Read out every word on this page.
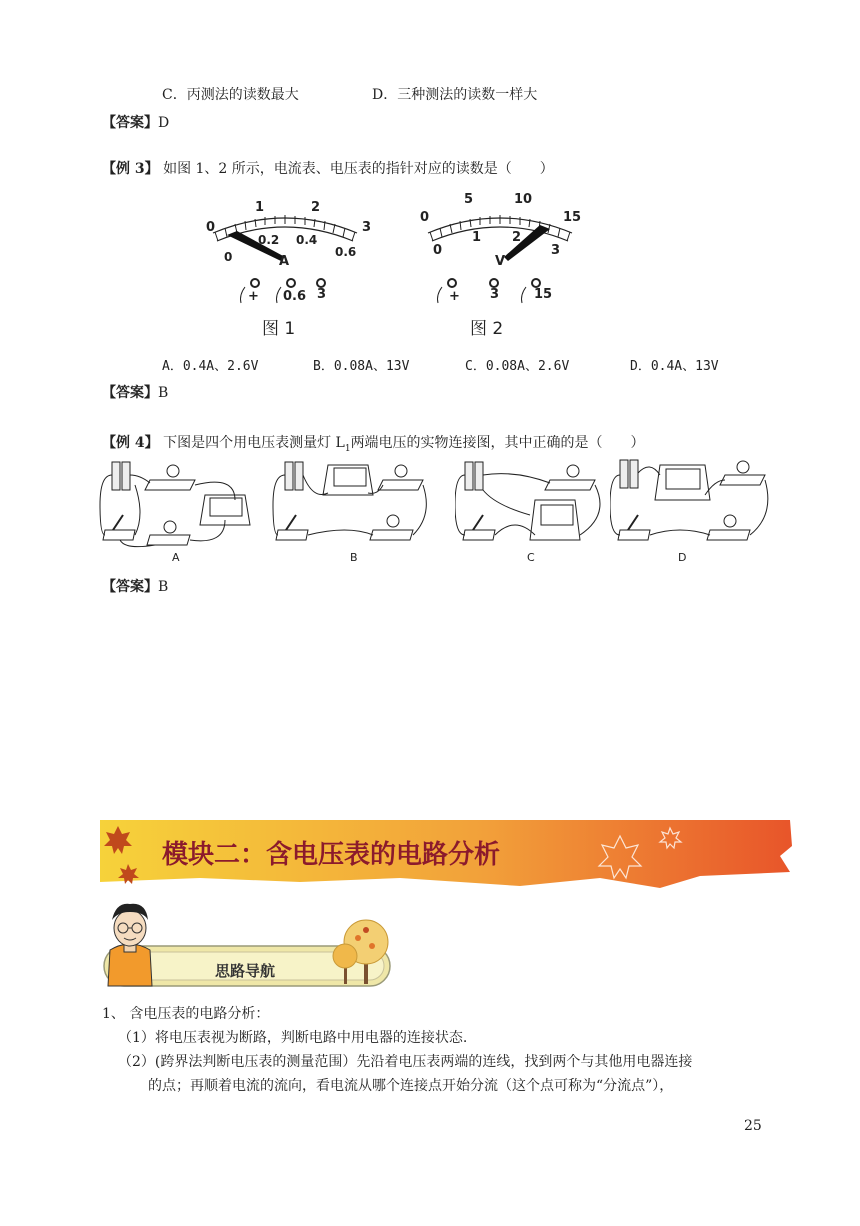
C．丙测法的读数最大	D．三种测法的读数一样大
【答案】D
【例 3】 如图 1、2 所示，电流表、电压表的指针对应的读数是（　　）
0
1	2
3
0
0.2 0.4
0.6
A
+ 0.6 3
图 1
0
5	10
15
0
1 2
3
V
+ 3	15
图 2
A．0.4A、2.6V	B．0.08A、13V	C．0.08A、2.6V	D．0.4A、13V
【答案】B
【例 4】 下图是四个用电压表测量灯 $L_1$两端电压的实物连接图，其中正确的是（　　）
A	B	C	D
【答案】B
模块二：含电压表的电路分析
思路导航
1、 含电压表的电路分析：
（1）将电压表视为断路，判断电路中用电器的连接状态.
（2）(跨界法判断电压表的测量范围）先沿着电压表两端的连线，找到两个与其他用电器连接
的点；再顺着电流的流向，看电流从哪个连接点开始分流（这个点可称为“分流点”），
25
